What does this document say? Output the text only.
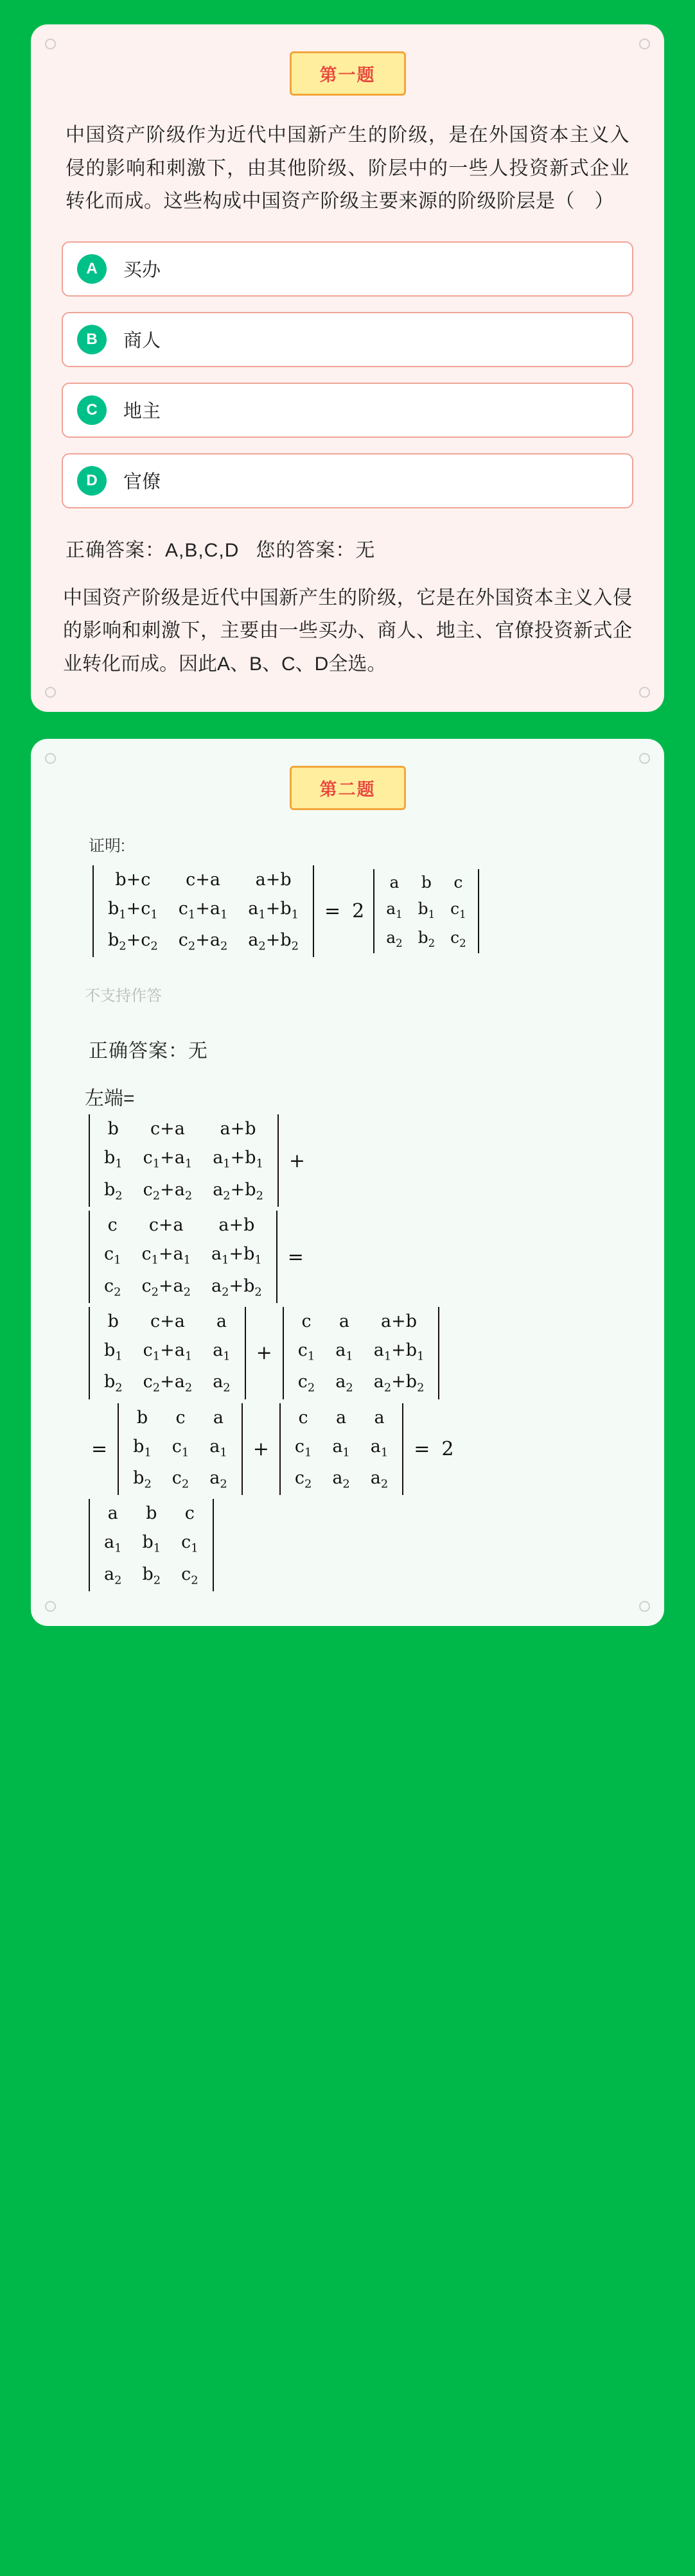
第一题

中国资产阶级作为近代中国新产生的阶级，是在外国资本主义入侵的影响和刺激下，由其他阶级、阶层中的一些人投资新式企业转化而成。这些构成中国资产阶级主要来源的阶级阶层是（　）

A	买办
B	商人
C	地主
D	官僚
正确答案：A,B,C,D 您的答案：无

中国资产阶级是近代中国新产生的阶级，它是在外国资本主义入侵的影响和刺激下，主要由一些买办、商人、地主、官僚投资新式企业转化而成。因此A、B、C、D全选。

第二题
证明:
b+c	c+a	a+b
$b_1+c_1$	$c_1+a_1$	$a_1+b_1$
$b_2+c_2$	$c_2+a_2$	$a_2+b_2$
= 2
a	b	c
$a_1$	$b_1$	$c_1$
$a_2$	$b_2$	$c_2$
不支持作答
正确答案：无
左端=
b	c+a	a+b
$b_1$	$c_1+a_1$	$a_1+b_1$
$b_2$	$c_2+a_2$	$a_2+b_2$
+
c	c+a	a+b
$c_1$	$c_1+a_1$	$a_1+b_1$
$c_2$	$c_2+a_2$	$a_2+b_2$
=
b	c+a	a
$b_1$	$c_1+a_1$	$a_1$
$b_2$	$c_2+a_2$	$a_2$
+
c	a	a+b
$c_1$	$a_1$	$a_1+b_1$
$c_2$	$a_2$	$a_2+b_2$
=
b	c	a
$b_1$	$c_1$	$a_1$
$b_2$	$c_2$	$a_2$
+
c	a	a
$c_1$	$a_1$	$a_1$
$c_2$	$a_2$	$a_2$
= 2
a	b	c
$a_1$	$b_1$	$c_1$
$a_2$	$b_2$	$c_2$
